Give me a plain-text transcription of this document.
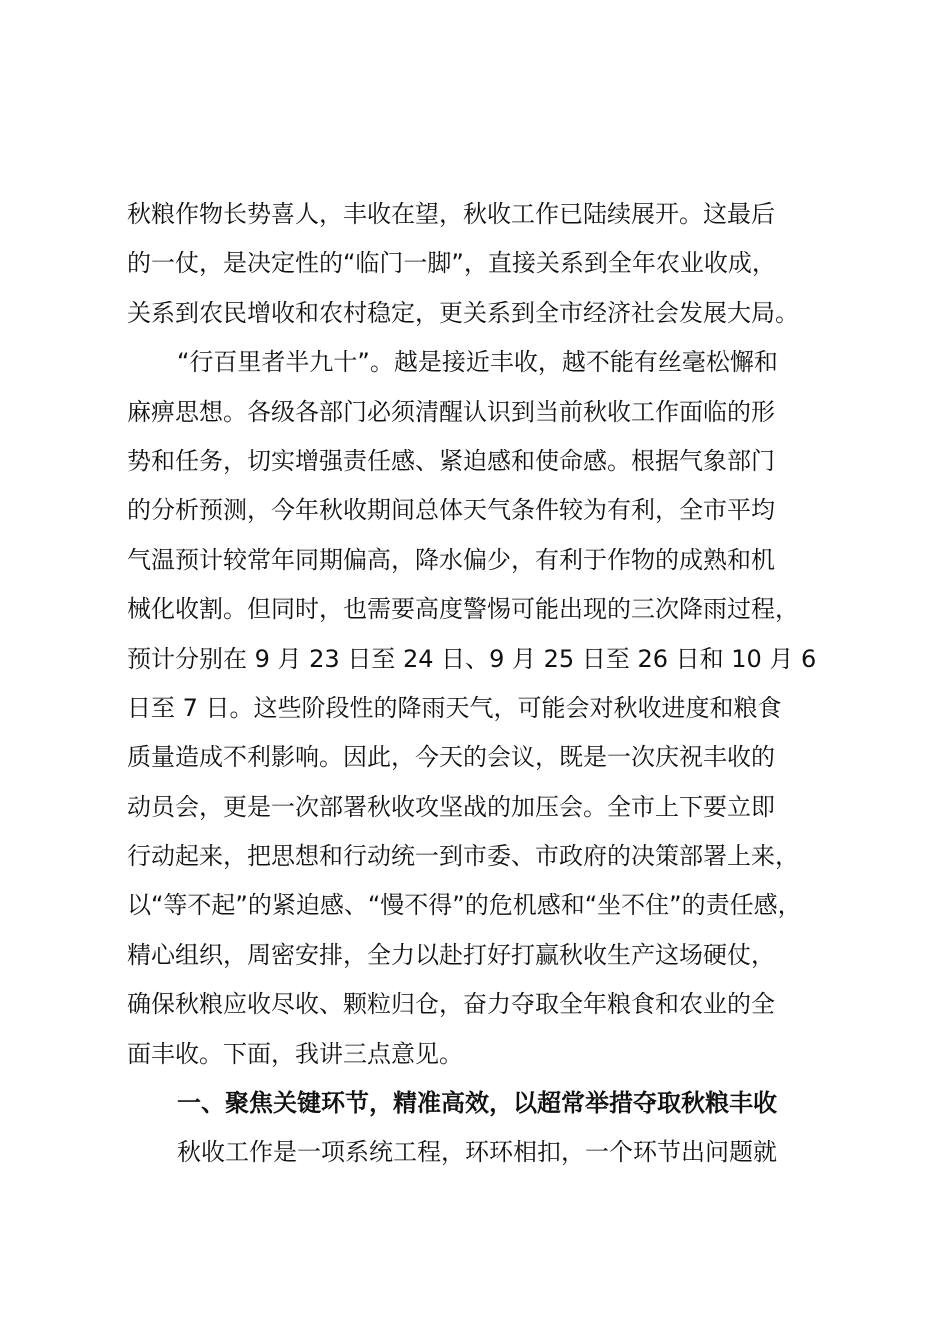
秋粮作物长势喜人，丰收在望，秋收工作已陆续展开。这最后
的一仗，是决定性的“临门一脚”，直接关系到全年农业收成，
关系到农民增收和农村稳定，更关系到全市经济社会发展大局。
“行百里者半九十”。越是接近丰收，越不能有丝毫松懈和
麻痹思想。各级各部门必须清醒认识到当前秋收工作面临的形
势和任务，切实增强责任感、紧迫感和使命感。根据气象部门
的分析预测，今年秋收期间总体天气条件较为有利，全市平均
气温预计较常年同期偏高，降水偏少，有利于作物的成熟和机
械化收割。但同时，也需要高度警惕可能出现的三次降雨过程，
预计分别在 9 月 23 日至 24 日、9 月 25 日至 26 日和 10 月 6
日至 7 日。这些阶段性的降雨天气，可能会对秋收进度和粮食
质量造成不利影响。因此，今天的会议，既是一次庆祝丰收的
动员会，更是一次部署秋收攻坚战的加压会。全市上下要立即
行动起来，把思想和行动统一到市委、市政府的决策部署上来，
以“等不起”的紧迫感、“慢不得”的危机感和“坐不住”的责任感，
精心组织，周密安排，全力以赴打好打赢秋收生产这场硬仗，
确保秋粮应收尽收、颗粒归仓，奋力夺取全年粮食和农业的全
面丰收。下面，我讲三点意见。
一、聚焦关键环节，精准高效，以超常举措夺取秋粮丰收
秋收工作是一项系统工程，环环相扣，一个环节出问题就
